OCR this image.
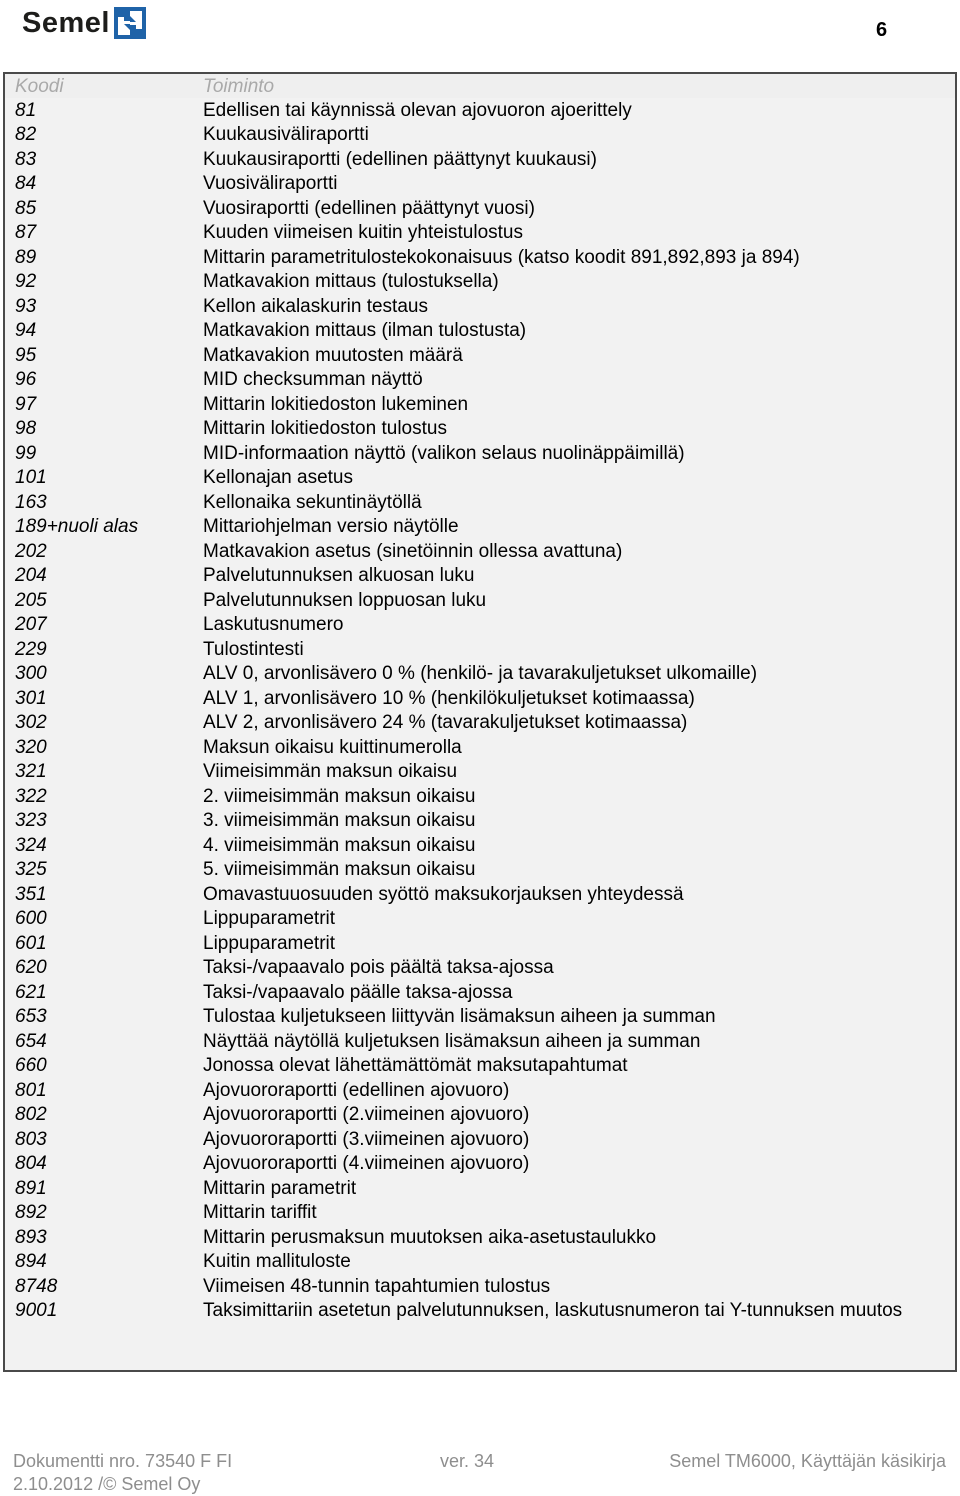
Semel	6
Koodi	Toiminto
81	Edellisen tai käynnissä olevan ajovuoron ajoerittely
82	Kuukausiväliraportti
83	Kuukausiraportti (edellinen päättynyt kuukausi)
84	Vuosiväliraportti
85	Vuosiraportti (edellinen päättynyt vuosi)
87	Kuuden viimeisen kuitin yhteistulostus
89	Mittarin parametritulostekokonaisuus (katso koodit 891,892,893 ja 894)
92	Matkavakion mittaus (tulostuksella)
93	Kellon aikalaskurin testaus
94	Matkavakion mittaus (ilman tulostusta)
95	Matkavakion muutosten määrä
96	MID checksumman näyttö
97	Mittarin lokitiedoston lukeminen
98	Mittarin lokitiedoston tulostus
99	MID-informaation näyttö (valikon selaus nuolinäppäimillä)
101	Kellonajan asetus
163	Kellonaika sekuntinäytöllä
189+nuoli alas	Mittariohjelman versio näytölle
202	Matkavakion asetus (sinetöinnin ollessa avattuna)
204	Palvelutunnuksen alkuosan luku
205	Palvelutunnuksen loppuosan luku
207	Laskutusnumero
229	Tulostintesti
300	ALV 0, arvonlisävero 0 % (henkilö- ja tavarakuljetukset ulkomaille)
301	ALV 1, arvonlisävero 10 % (henkilökuljetukset kotimaassa)
302	ALV 2, arvonlisävero 24 % (tavarakuljetukset kotimaassa)
320	Maksun oikaisu kuittinumerolla
321	Viimeisimmän maksun oikaisu
322	2. viimeisimmän maksun oikaisu
323	3. viimeisimmän maksun oikaisu
324	4. viimeisimmän maksun oikaisu
325	5. viimeisimmän maksun oikaisu
351	Omavastuuosuuden syöttö maksukorjauksen yhteydessä
600	Lippuparametrit
601	Lippuparametrit
620	Taksi-/vapaavalo pois päältä taksa-ajossa
621	Taksi-/vapaavalo päälle taksa-ajossa
653	Tulostaa kuljetukseen liittyvän lisämaksun aiheen ja summan
654	Näyttää näytöllä kuljetuksen lisämaksun aiheen ja summan
660	Jonossa olevat lähettämättömät maksutapahtumat
801	Ajovuororaportti (edellinen ajovuoro)
802	Ajovuororaportti (2.viimeinen ajovuoro)
803	Ajovuororaportti (3.viimeinen ajovuoro)
804	Ajovuororaportti (4.viimeinen ajovuoro)
891	Mittarin parametrit
892	Mittarin tariffit
893	Mittarin perusmaksun muutoksen aika-asetustaulukko
894	Kuitin mallituloste
8748	Viimeisen 48-tunnin tapahtumien tulostus
9001	Taksimittariin asetetun palvelutunnuksen, laskutusnumeron tai Y-tunnuksen muutos
Dokumentti nro. 73540 F FI	ver. 34	Semel TM6000, Käyttäjän käsikirja
2.10.2012 /© Semel Oy
